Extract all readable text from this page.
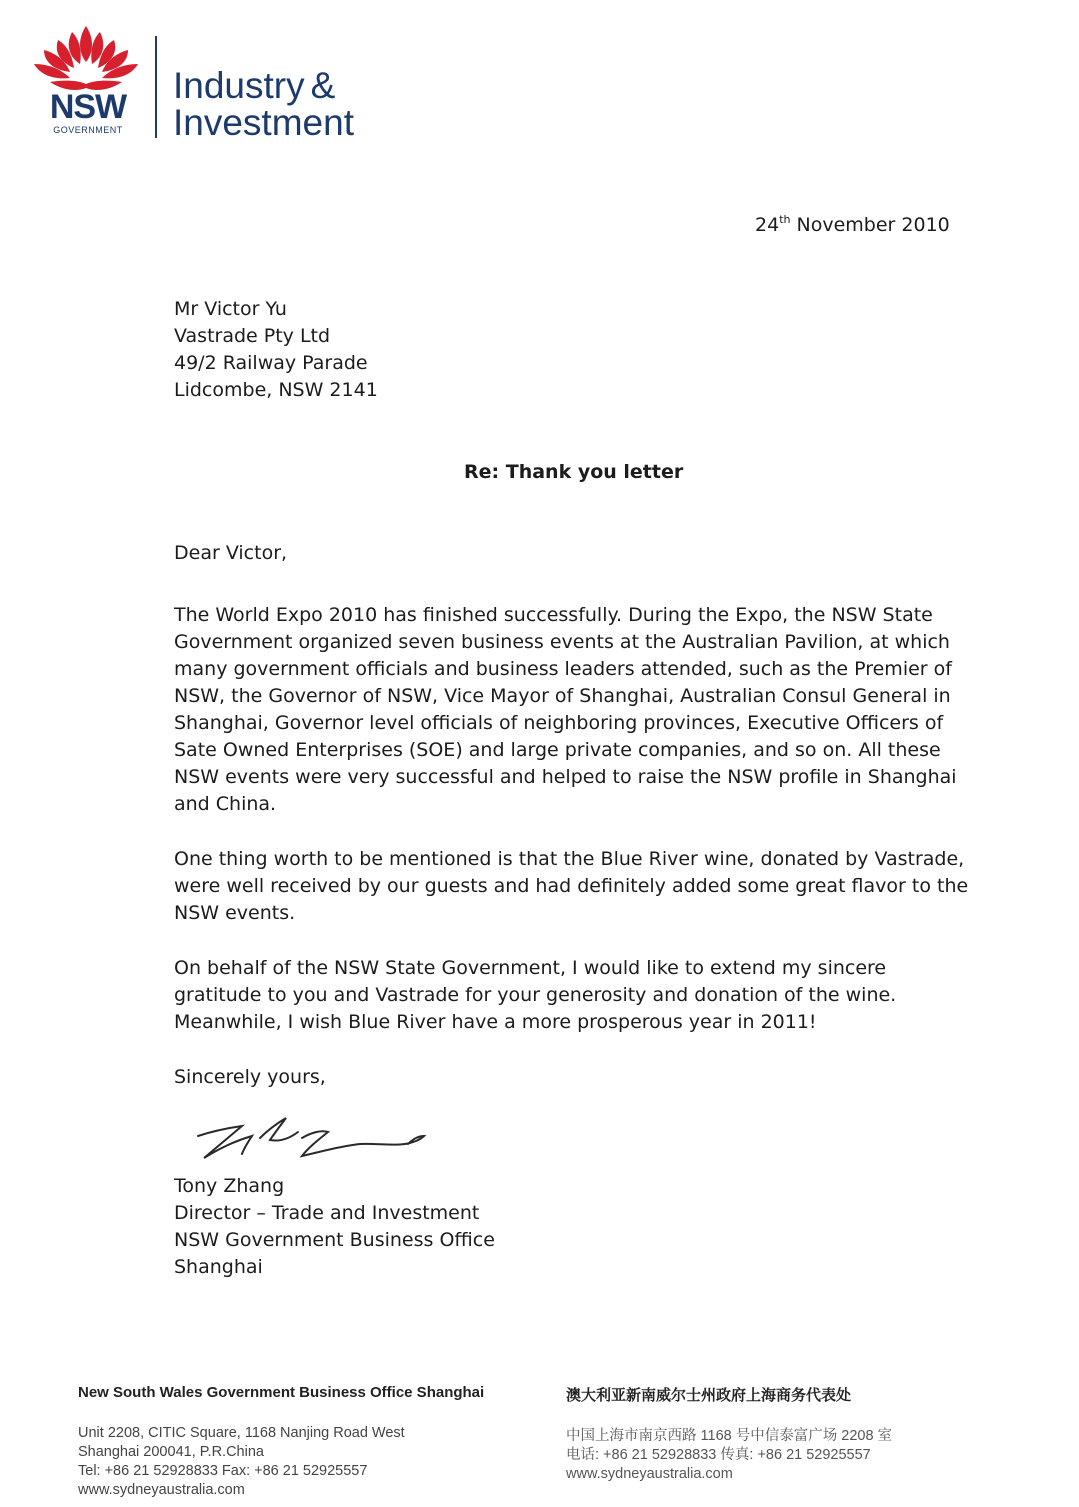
NSW
GOVERNMENT
Industry &
Investment
24th November 2010
Mr Victor Yu
Vastrade Pty Ltd
49/2 Railway Parade
Lidcombe, NSW 2141
Re: Thank you letter
Dear Victor,
The World Expo 2010 has finished successfully. During the Expo, the NSW State
Government organized seven business events at the Australian Pavilion, at which
many government officials and business leaders attended, such as the Premier of
NSW, the Governor of NSW, Vice Mayor of Shanghai, Australian Consul General in
Shanghai, Governor level officials of neighboring provinces, Executive Officers of
Sate Owned Enterprises (SOE) and large private companies, and so on. All these
NSW events were very successful and helped to raise the NSW profile in Shanghai
and China.
One thing worth to be mentioned is that the Blue River wine, donated by Vastrade,
were well received by our guests and had definitely added some great flavor to the
NSW events.
On behalf of the NSW State Government, I would like to extend my sincere
gratitude to you and Vastrade for your generosity and donation of the wine.
Meanwhile, I wish Blue River have a more prosperous year in 2011!
Sincerely yours,
Tony Zhang
Director – Trade and Investment
NSW Government Business Office
Shanghai
New South Wales Government Business Office Shanghai
Unit 2208, CITIC Square, 1168 Nanjing Road West
Shanghai 200041, P.R.China
Tel: +86 21 52928833 Fax: +86 21 52925557
www.sydneyaustralia.com
澳大利亚新南威尔士州政府上海商务代表处
中国上海市南京西路 1168 号中信泰富广场 2208 室
电话: +86 21 52928833 传真: +86 21 52925557
www.sydneyaustralia.com
